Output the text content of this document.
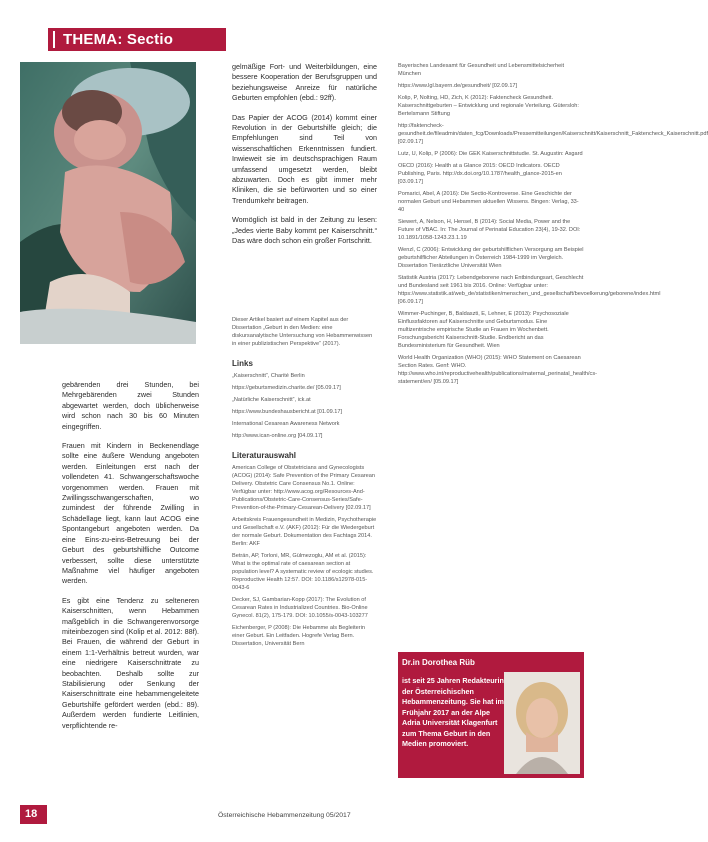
THEMA: Sectio

gebärenden drei Stunden, bei Mehrgebärenden zwei Stunden abgewartet werden, doch üblicherweise wird schon nach 30 bis 60 Minuten eingegriffen.

Frauen mit Kindern in Beckenendlage sollte eine äußere Wendung angeboten werden. Einleitungen erst nach der vollendeten 41. Schwangerschaftswoche vorgenommen werden. Frauen mit Zwillingsschwangerschaften, wo zumindest der führende Zwilling in Schädellage liegt, kann laut ACOG eine Spontangeburt angeboten werden. Da eine Eins-zu-eins-Betreuung bei der Geburt des geburtshilfliche Outcome verbessert, sollte diese unterstützte Maßnahme viel häufiger angeboten werden.

Es gibt eine Tendenz zu selteneren Kaiserschnitten, wenn Hebammen maßgeblich in die Schwangerenvorsorge miteinbezogen sind (Kolip et al. 2012: 88f). Bei Frauen, die während der Geburt in einem 1:1-Verhältnis betreut wurden, war eine niedrigere Kaiserschnittrate zu beobachten. Deshalb sollte zur Stabilisierung oder Senkung der Kaiserschnittrate eine hebammengeleitete Geburtshilfe gefördert werden (ebd.: 89). Außerdem werden fundierte Leitlinien, verpflichtende re-

gelmäßige Fort- und Weiterbildungen, eine bessere Kooperation der Berufsgruppen und beziehungsweise Anreize für natürliche Geburten empfohlen (ebd.: 92ff).

Das Papier der ACOG (2014) kommt einer Revolution in der Geburtshilfe gleich; die Empfehlungen sind Teil von wissenschaftlichen Erkenntnissen fundiert. Inwieweit sie im deutschsprachigen Raum umfassend umgesetzt werden, bleibt abzuwarten. Doch es gibt immer mehr Kliniken, die sie befürworten und so einer Trendumkehr beitragen.

Womöglich ist bald in der Zeitung zu lesen: „Jedes vierte Baby kommt per Kaiserschnitt.“ Das wäre doch schon ein großer Fortschritt.

Dieser Artikel basiert auf einem Kapitel aus der Dissertation „Geburt in den Medien: eine diskursanalytische Untersuchung von Hebammenwissen in einer publizistischen Perspektive“ (2017).

Links

„Kaiserschnitt“, Charité Berlin

https://geburtsmedizin.charite.de/ [05.09.17]

„Natürliche Kaiserschnitt“, ick.at

https://www.bundeshausbericht.at [01.09.17]

International Cesarean Awareness Network

http://www.ican-online.org [04.09.17]

Literaturauswahl

American College of Obstetricians and Gynecologists (ACOG) (2014): Safe Prevention of the Primary Cesarean Delivery. Obstetric Care Consensus No.1. Online: Verfügbar unter: http://www.acog.org/Resources-And-Publications/Obstetric-Care-Consensus-Series/Safe-Prevention-of-the-Primary-Cesarean-Delivery [02.09.17]

Arbeitskreis Frauengesundheit in Medizin, Psychotherapie und Gesellschaft e.V. (AKF) (2012): Für die Wiedergeburt der normale Geburt. Dokumentation des Fachtags 2014. Berlin: AKF

Betrán, AP, Torloni, MR, Gülmezoglu, AM et al. (2015): What is the optimal rate of caesarean section at population level? A systematic review of ecologic studies. Reproductive Health 12:57. DOI: 10.1186/s12978-015-0043-6

Decker, SJ, Gambarian-Kopp (2017): The Evolution of Cesarean Rates in Industrialized Countries. Bio-Online Gynecol. 81(2), 175-179. DOI: 10.1055/s-0043-103277

Eichenberger, P (2008): Die Hebamme als Begleiterin einer Geburt. Ein Leitfaden. Hogrefe Verlag Bern. Dissertation, Universität Bern

Bayerisches Landesamt für Gesundheit und Lebensmittelsicherheit München

https://www.lgl.bayern.de/gesundheit/ [02.09.17]

Kolip, P, Nolting, HD, Zich, K (2012): Faktencheck Gesundheit. Kaiserschnittgeburten – Entwicklung und regionale Verteilung. Gütersloh: Bertelsmann Stiftung

http://faktencheck-gesundheit.de/fileadmin/daten_fcg/Downloads/Pressemitteilungen/Kaiserschnitt/Kaiserschnitt_Faktencheck_Kaiserschnitt.pdf [02.09.17]

Lutz, U, Kolip, P (2006): Die GEK Kaiserschnittstudie. St. Augustin: Asgard

OECD (2016): Health at a Glance 2015: OECD Indicators. OECD Publishing, Paris. http://dx.doi.org/10.1787/health_glance-2015-en [03.09.17]

Pomarici, Abel, A (2016): Die Sectio-Kontroverse. Eine Geschichte der normalen Geburt und Hebammen aktuellen Wissens. Bingen: Verlag, 33-40

Siewert, A, Nelson, H, Hensel, B (2014): Social Media, Power and the Future of VBAC. In: The Journal of Perinatal Education 23(4), 19-32. DOI: 10.1891/1058-1243.23.1.19

Wenzl, C (2006): Entwicklung der geburtshilflichen Versorgung am Beispiel geburtshilflicher Abteilungen in Österreich 1984-1999 im Vergleich. Dissertation Tierärztliche Universität Wien

Statistik Austria (2017): Lebendgeborene nach Entbindungsart, Geschlecht und Bundesland seit 1961 bis 2016. Online: Verfügbar unter: https://www.statistik.at/web_de/statistiken/menschen_und_gesellschaft/bevoelkerung/geborene/index.html [06.09.17]

Wimmer-Puchinger, B, Baldaszti, E, Lehner, E (2013): Psychosoziale Einflussfaktoren auf Kaiserschnitte und Geburtsmodus. Eine multizentrische empirische Studie an Frauen im Wochenbett. Forschungsbericht Kaiserschnitt-Studie. Endbericht an das Bundesministerium für Gesundheit. Wien

World Health Organization (WHO) (2015): WHO Statement on Caesarean Section Rates. Genf: WHO. http://www.who.int/reproductivehealth/publications/maternal_perinatal_health/cs-statement/en/ [05.09.17]

Dr.in Dorothea Rüb
ist seit 25 Jahren Redakteurin der Österreichischen Hebammenzeitung. Sie hat im Frühjahr 2017 an der Alpe Adria Universität Klagenfurt zum Thema Geburt in den Medien promoviert.
18	Österreichische Hebammenzeitung 05/2017
